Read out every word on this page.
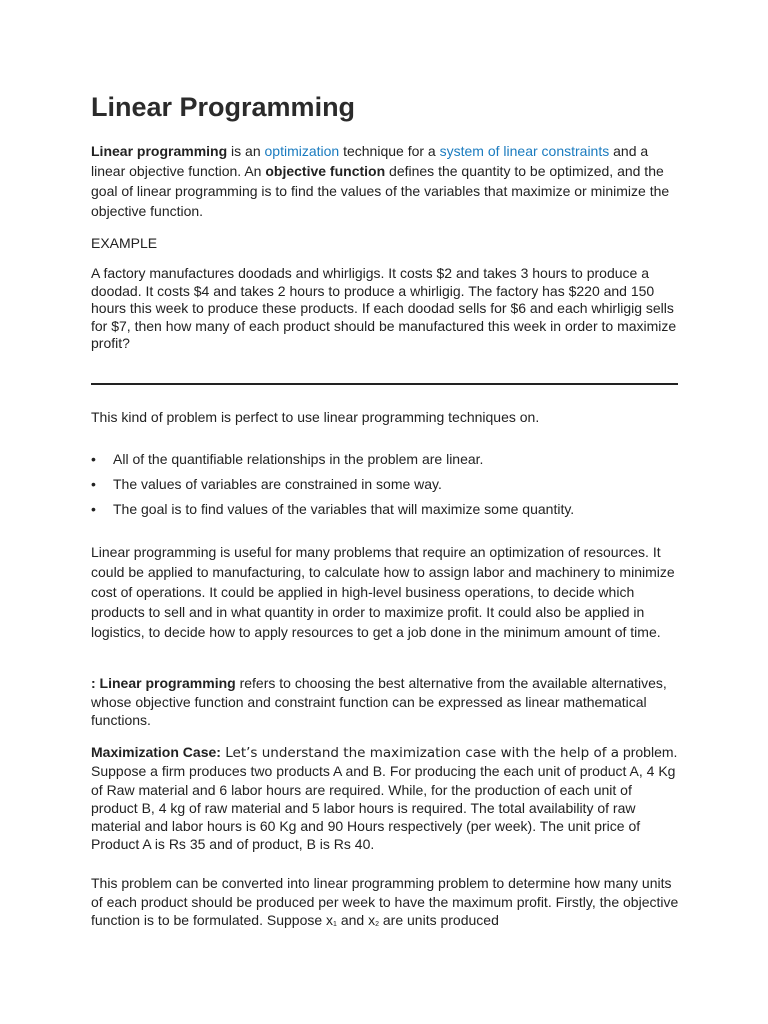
Linear Programming

Linear programming is an optimization technique for a system of linear constraints and a linear objective function. An objective function defines the quantity to be optimized, and the goal of linear programming is to find the values of the variables that maximize or minimize the objective function.

EXAMPLE

A factory manufactures doodads and whirligigs. It costs $2 and takes 3 hours to produce a doodad. It costs $4 and takes 2 hours to produce a whirligig. The factory has $220 and 150 hours this week to produce these products. If each doodad sells for $6 and each whirligig sells for $7, then how many of each product should be manufactured this week in order to maximize profit?

This kind of problem is perfect to use linear programming techniques on.

• All of the quantifiable relationships in the problem are linear.
• The values of variables are constrained in some way.
• The goal is to find values of the variables that will maximize some quantity.

Linear programming is useful for many problems that require an optimization of resources. It could be applied to manufacturing, to calculate how to assign labor and machinery to minimize cost of operations. It could be applied in high-level business operations, to decide which products to sell and in what quantity in order to maximize profit. It could also be applied in logistics, to decide how to apply resources to get a job done in the minimum amount of time.

: Linear programming refers to choosing the best alternative from the available alternatives, whose objective function and constraint function can be expressed as linear mathematical functions.

Maximization Case: Let’s understand the maximization case with the help of a problem. Suppose a firm produces two products A and B. For producing the each unit of product A, 4 Kg of Raw material and 6 labor hours are required. While, for the production of each unit of product B, 4 kg of raw material and 5 labor hours is required. The total availability of raw material and labor hours is 60 Kg and 90 Hours respectively (per week). The unit price of Product A is Rs 35 and of product, B is Rs 40.

This problem can be converted into linear programming problem to determine how many units of each product should be produced per week to have the maximum profit. Firstly, the objective function is to be formulated. Suppose x1 and x2 are units produced
